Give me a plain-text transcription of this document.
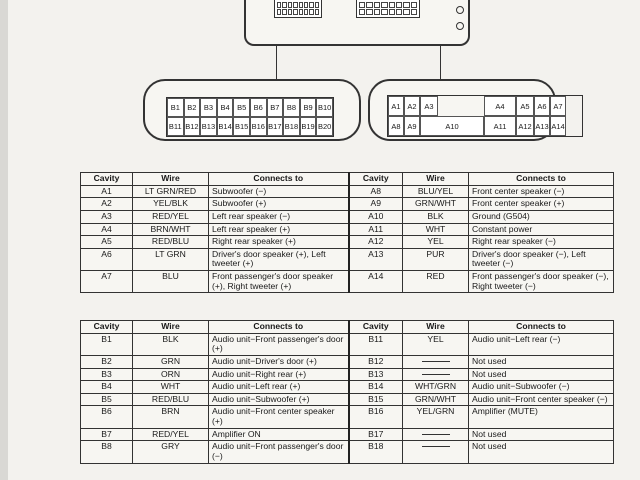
B1 B2 B3 B4 B5 B6 B7 B8 B9 B10
B11 B12 B13 B14 B15 B16 B17 B18 B19 B20
A1 A2	A3	A4	A5	A6 A7
A8 A9	A10	A11	A12 A13 A14
Cavity	Wire	Connects to	Cavity	Wire	Connects to
A1	LT GRN/RED	Subwoofer (−)	A8	BLU/YEL	Front center speaker (−)
A2	YEL/BLK	Subwoofer (+)	A9	GRN/WHT	Front center speaker (+)
A3	RED/YEL	Left rear speaker (−)	A10	BLK	Ground (G504)
A4	BRN/WHT	Left rear speaker (+)	A11	WHT	Constant power
A5	RED/BLU	Right rear speaker (+)	A12	YEL	Right rear speaker (−)
A6	LT GRN	Driver's door speaker (+), Left tweeter (+)	A13	PUR	Driver's door speaker (−), Left tweeter (−)
A7	BLU	Front passenger's door speaker (+), Right tweeter (+)	A14	RED	Front passenger's door speaker (−), Right tweeter (−)
Cavity	Wire	Connects to	Cavity	Wire	Connects to
B1	BLK	Audio unit−Front passenger's door (+)	B11	YEL	Audio unit−Left rear (−)
B2	GRN	Audio unit−Driver's door (+)	B12		Not used
B3	ORN	Audio unit−Right rear (+)	B13		Not used
B4	WHT	Audio unit−Left rear (+)	B14	WHT/GRN	Audio unit−Subwoofer (−)
B5	RED/BLU	Audio unit−Subwoofer (+)	B15	GRN/WHT	Audio unit−Front center speaker (−)
B6	BRN	Audio unit−Front center speaker (+)	B16	YEL/GRN	Amplifier (MUTE)
B7	RED/YEL	Amplifier ON	B17		Not used
B8	GRY	Audio unit−Front passenger's door (−)	B18		Not used
